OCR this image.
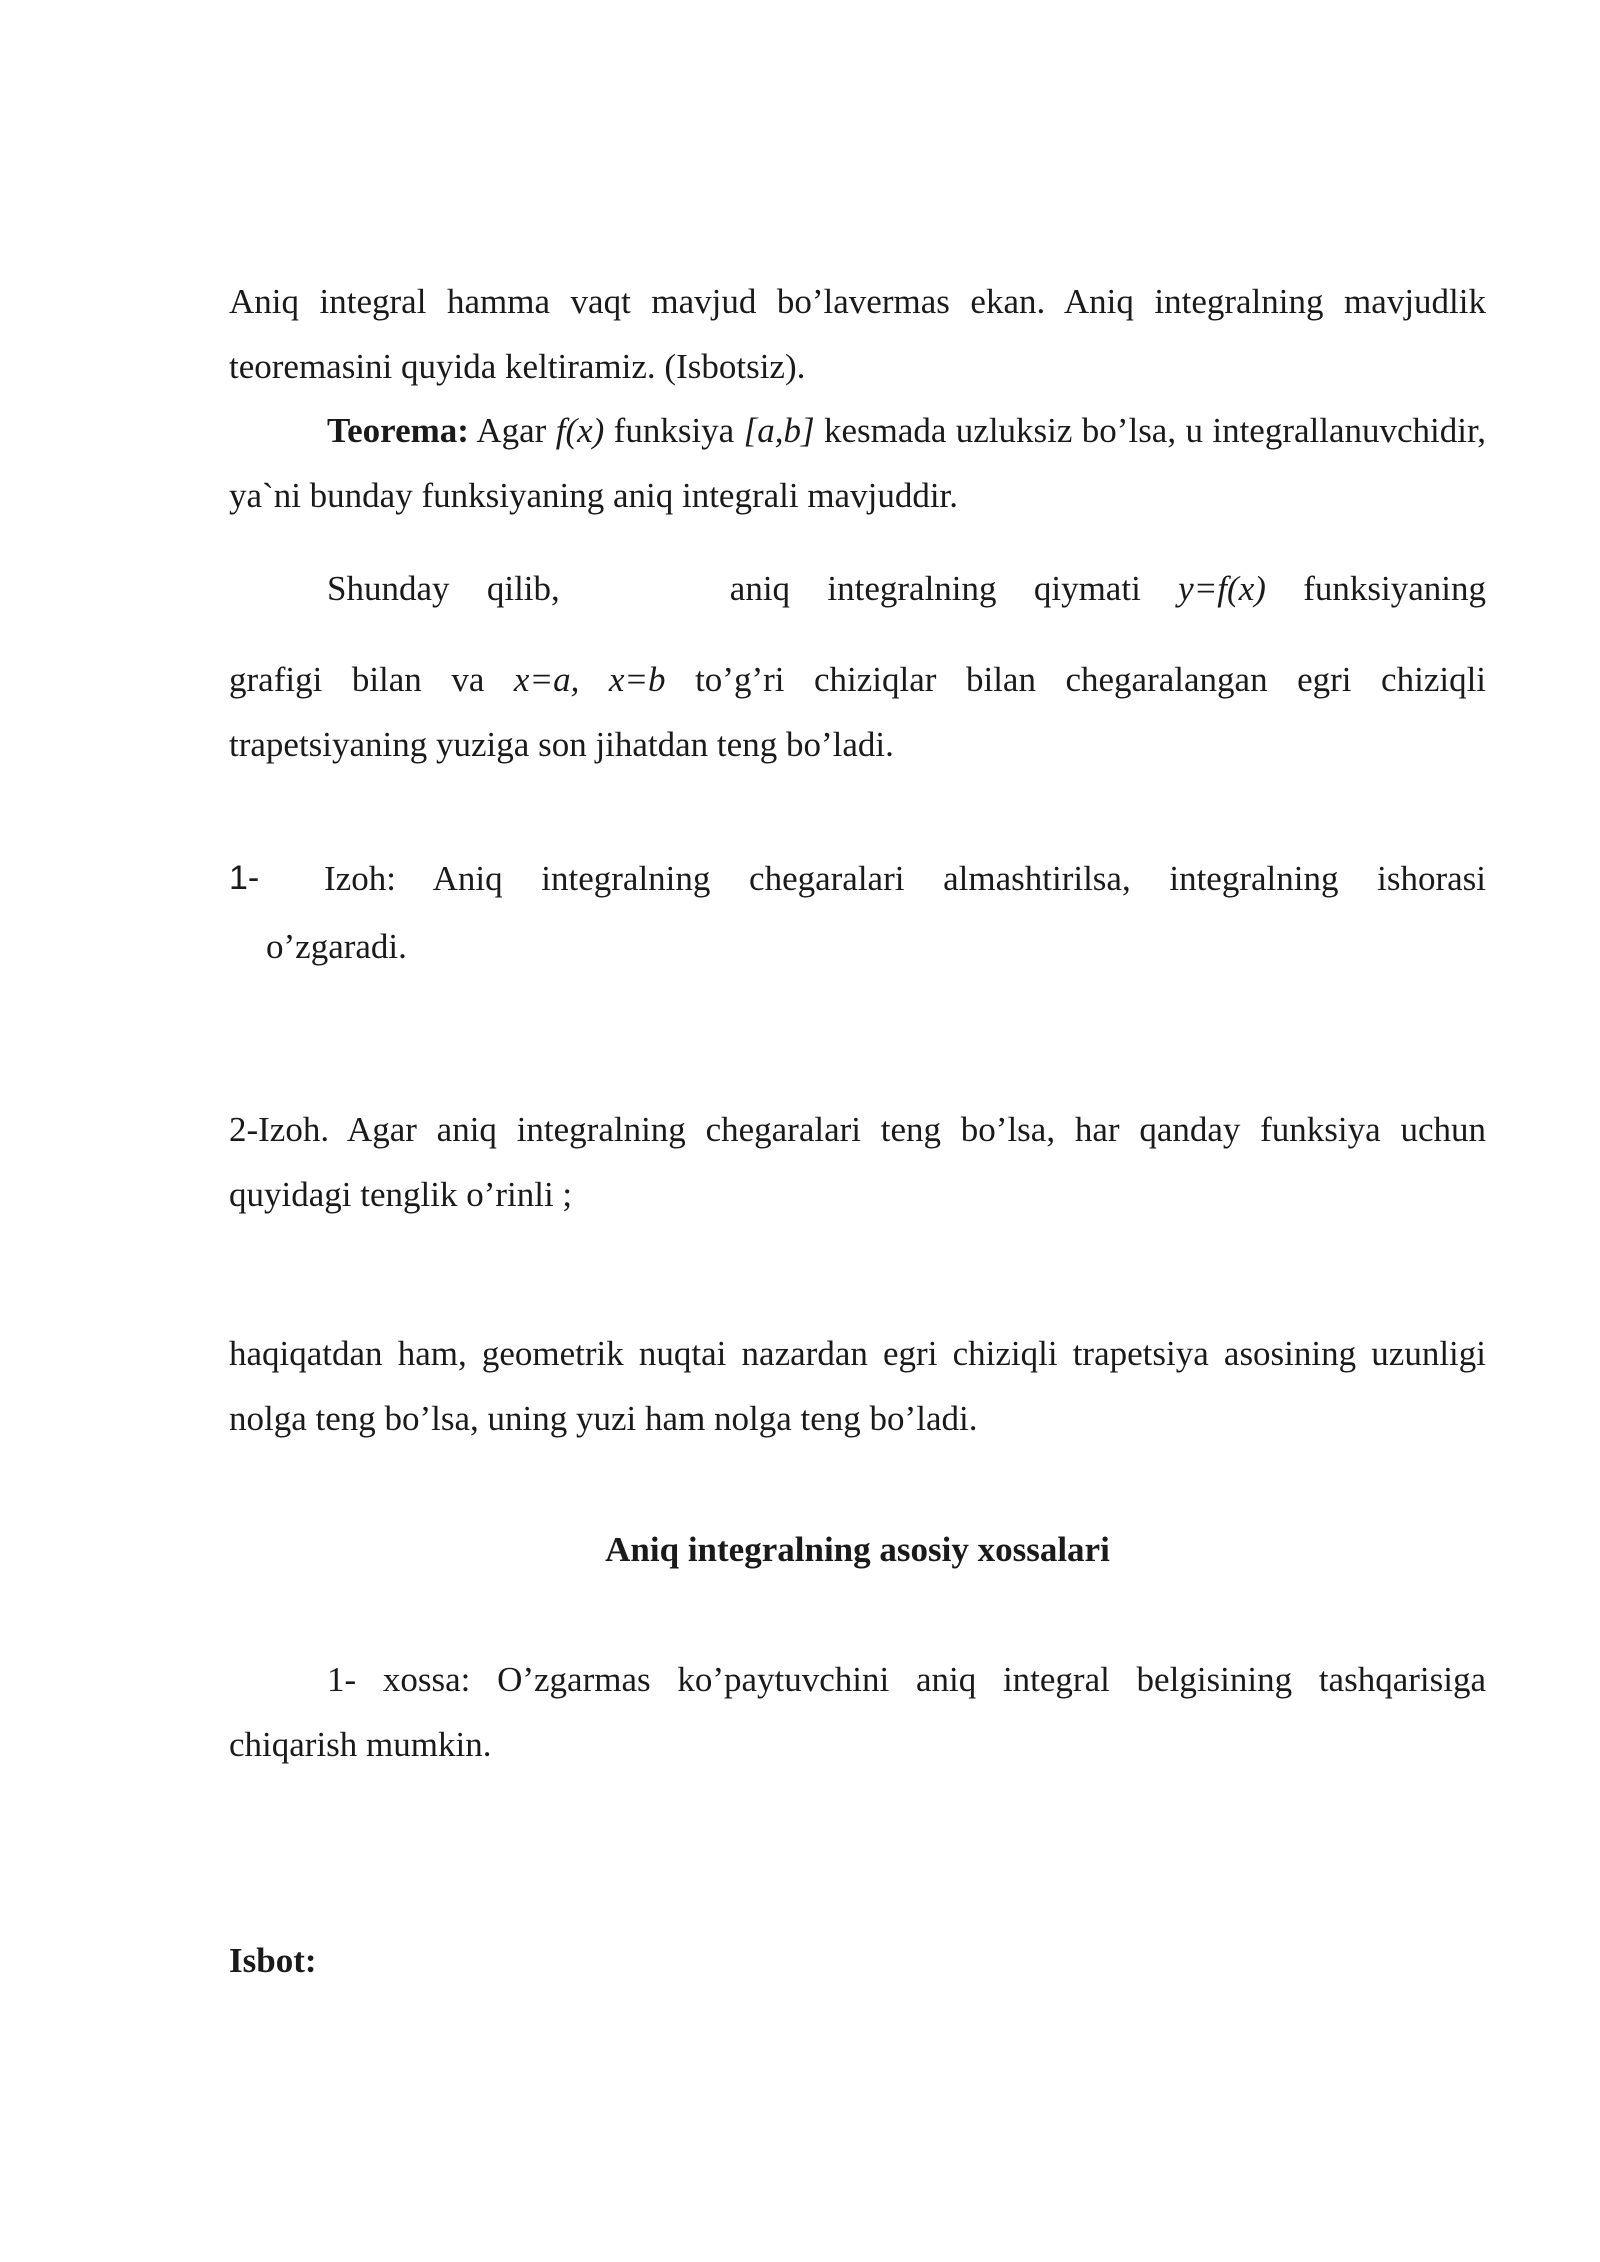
Aniq integral hamma vaqt mavjud bo’lavermas ekan. Aniq integralning mavjudlik
teoremasini quyida keltiramiz. (Isbotsiz).
Teorema: Agar f(x) funksiya [a,b] kesmada uzluksiz bo’lsa, u integrallanuvchidir, ya`ni bunday funksiyaning aniq integrali mavjuddir.
Shunday qilib,	aniq integralning qiymati y=f(x) funksiyaning
grafigi bilan va x=a, x=b to’g’ri chiziqlar bilan chegaralangan egri chiziqli
trapetsiyaning yuziga son jihatdan teng bo’ladi.
1- Izoh: Aniq integralning chegaralari almashtirilsa, integralning ishorasi
o’zgaradi.
2-Izoh. Agar aniq integralning chegaralari teng bo’lsa, har qanday funksiya uchun quyidagi tenglik o’rinli ;
haqiqatdan ham, geometrik nuqtai nazardan egri chiziqli trapetsiya asosining uzunligi nolga teng bo’lsa, uning yuzi ham nolga teng bo’ladi.
Aniq integralning asosiy xossalari
1- xossa: O’zgarmas ko’paytuvchini aniq integral belgisining tashqarisiga chiqarish mumkin.
Isbot:
